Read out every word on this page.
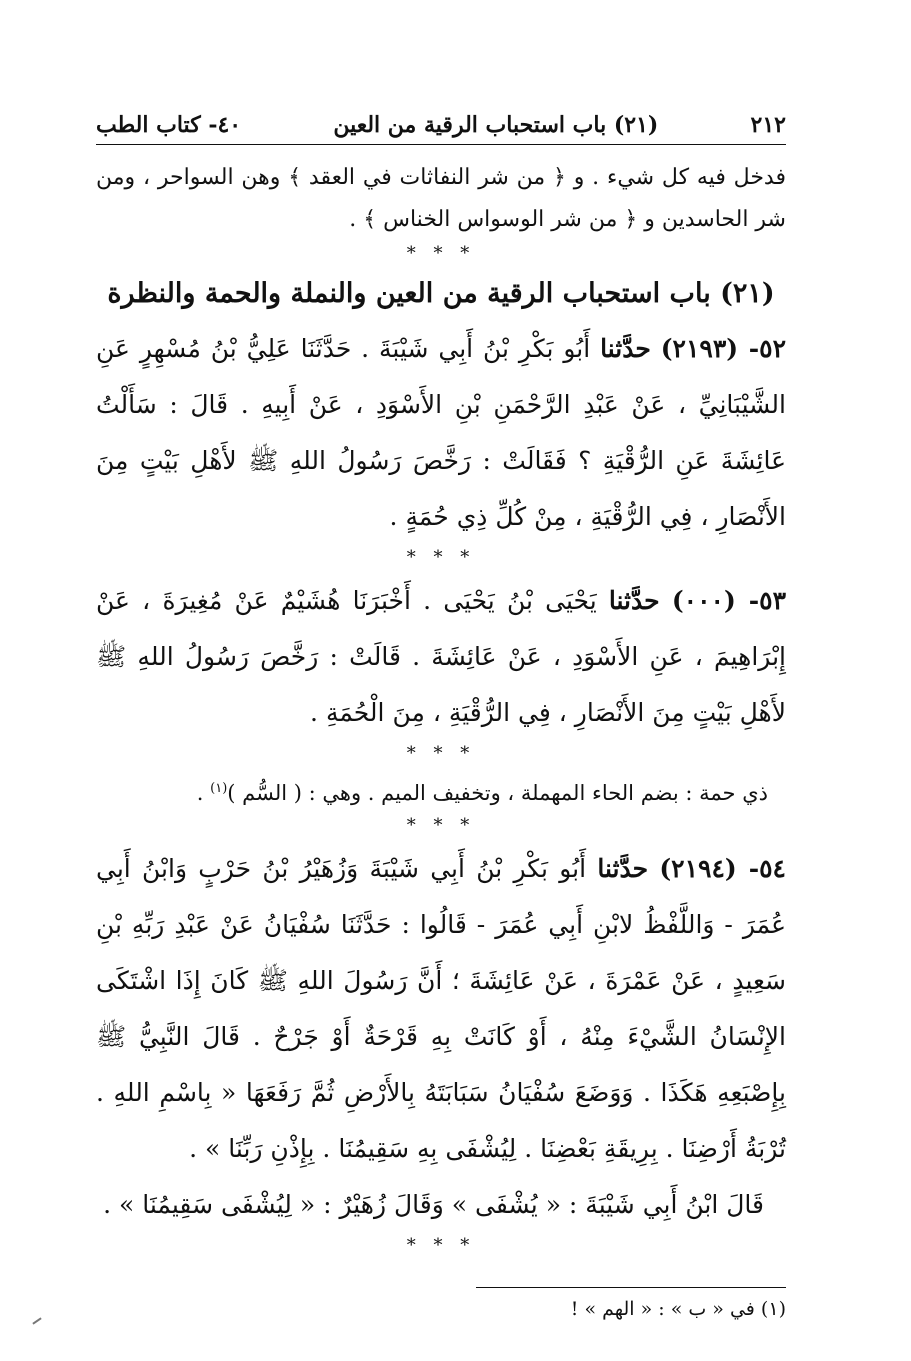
٢١٢
(٢١) باب استحباب الرقية من العين
٤٠- كتاب الطب

فدخل فيه كل شيء . و ﴿ من شر النفاثات في العقد ﴾ وهن السواحر ، ومن شر الحاسدين و ﴿ من شر الوسواس الخناس ﴾ .

* * *
(٢١) باب استحباب الرقية من العين والنملة والحمة والنظرة

٥٢- (٢١٩٣) حدَّثنا أَبُو بَكْرِ بْنُ أَبِي شَيْبَةَ . حَدَّثَنَا عَلِيُّ بْنُ مُسْهِرٍ عَنِ الشَّيْبَانِيِّ ، عَنْ عَبْدِ الرَّحْمَنِ بْنِ الأَسْوَدِ ، عَنْ أَبِيهِ . قَالَ : سَأَلْتُ عَائِشَةَ عَنِ الرُّقْيَةِ ؟ فَقَالَتْ : رَخَّصَ رَسُولُ اللهِ ﷺ لأَهْلِ بَيْتٍ مِنَ الأَنْصَارِ ، فِي الرُّقْيَةِ ، مِنْ كُلِّ ذِي حُمَةٍ .

* * *

٥٣- (٠٠٠) حدَّثنا يَحْيَى بْنُ يَحْيَى . أَخْبَرَنَا هُشَيْمٌ عَنْ مُغِيرَةَ ، عَنْ إِبْرَاهِيمَ ، عَنِ الأَسْوَدِ ، عَنْ عَائِشَةَ . قَالَتْ : رَخَّصَ رَسُولُ اللهِ ﷺ لأَهْلِ بَيْتٍ مِنَ الأَنْصَارِ ، فِي الرُّقْيَةِ ، مِنَ الْحُمَةِ .

* * *

ذي حمة : بضم الحاء المهملة ، وتخفيف الميم . وهي : ( السُّم )$^{(١)}$ .

* * *

٥٤- (٢١٩٤) حدَّثنا أَبُو بَكْرِ بْنُ أَبِي شَيْبَةَ وَزُهَيْرُ بْنُ حَرْبٍ وَابْنُ أَبِي عُمَرَ - وَاللَّفْظُ لابْنِ أَبِي عُمَرَ - قَالُوا : حَدَّثَنَا سُفْيَانُ عَنْ عَبْدِ رَبِّهِ بْنِ سَعِيدٍ ، عَنْ عَمْرَةَ ، عَنْ عَائِشَةَ ؛ أَنَّ رَسُولَ اللهِ ﷺ كَانَ إِذَا اشْتَكَى الإِنْسَانُ الشَّيْءَ مِنْهُ ، أَوْ كَانَتْ بِهِ قَرْحَةٌ أَوْ جَرْحٌ . قَالَ النَّبِيُّ ﷺ بِإِصْبَعِهِ هَكَذَا . وَوَضَعَ سُفْيَانُ سَبَابَتَهُ بِالأَرْضِ ثُمَّ رَفَعَهَا « بِاسْمِ اللهِ . تُرْبَةُ أَرْضِنَا . بِرِيقَةِ بَعْضِنَا . لِيُشْفَى بِهِ سَقِيمُنَا . بِإِذْنِ رَبِّنَا » .

قَالَ ابْنُ أَبِي شَيْبَةَ : « يُشْفَى » وَقَالَ زُهَيْرٌ : « لِيُشْفَى سَقِيمُنَا » .

* * *

(١) في « ب » : « الهم » !
